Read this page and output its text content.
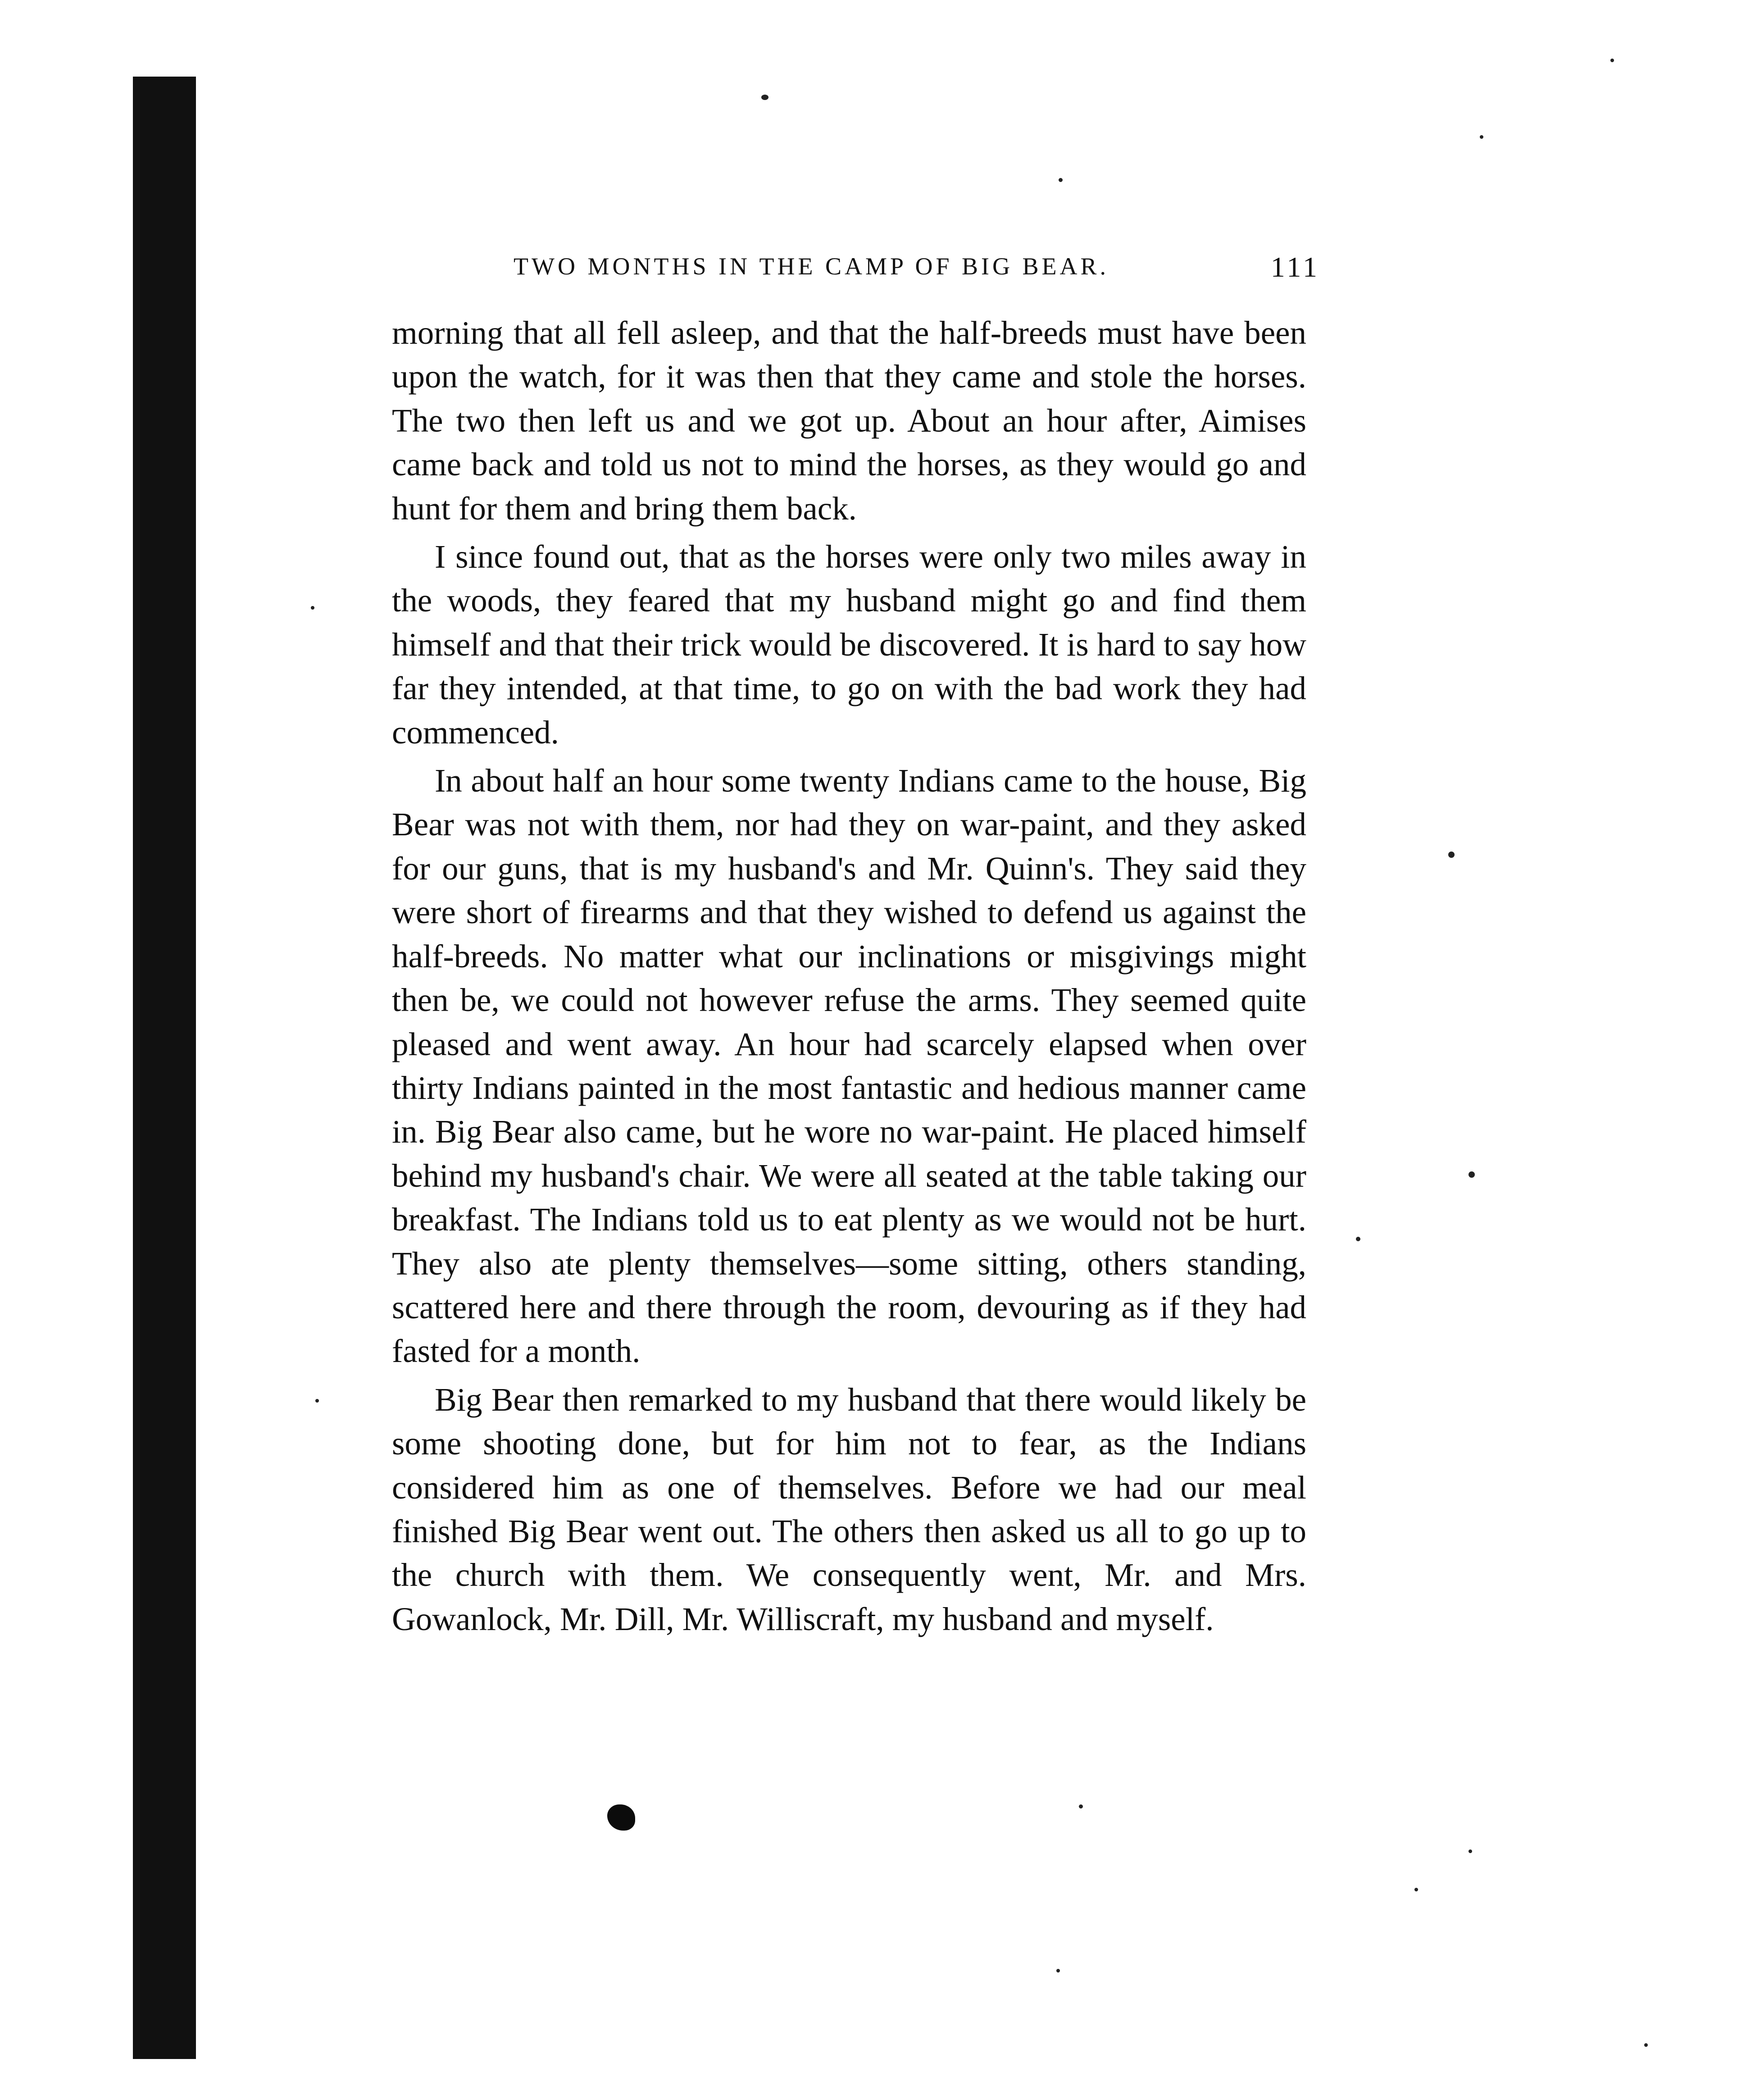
TWO MONTHS IN THE CAMP OF BIG BEAR.	111

morning that all fell asleep, and that the half-breeds must have been upon the watch, for it was then that they came and stole the horses. The two then left us and we got up. About an hour after, Aimises came back and told us not to mind the horses, as they would go and hunt for them and bring them back.

I since found out, that as the horses were only two miles away in the woods, they feared that my husband might go and find them himself and that their trick would be discovered. It is hard to say how far they intended, at that time, to go on with the bad work they had commenced.

In about half an hour some twenty Indians came to the house, Big Bear was not with them, nor had they on war-paint, and they asked for our guns, that is my husband's and Mr. Quinn's. They said they were short of firearms and that they wished to defend us against the half-breeds. No matter what our inclinations or misgivings might then be, we could not however refuse the arms. They seemed quite pleased and went away. An hour had scarcely elapsed when over thirty Indians painted in the most fantastic and hedious manner came in. Big Bear also came, but he wore no war-paint. He placed himself behind my husband's chair. We were all seated at the table taking our breakfast. The Indians told us to eat plenty as we would not be hurt. They also ate plenty themselves—some sitting, others standing, scattered here and there through the room, devouring as if they had fasted for a month.

Big Bear then remarked to my husband that there would likely be some shooting done, but for him not to fear, as the Indians considered him as one of themselves. Before we had our meal finished Big Bear went out. The others then asked us all to go up to the church with them. We consequently went, Mr. and Mrs. Gowanlock, Mr. Dill, Mr. Williscraft, my husband and myself.
